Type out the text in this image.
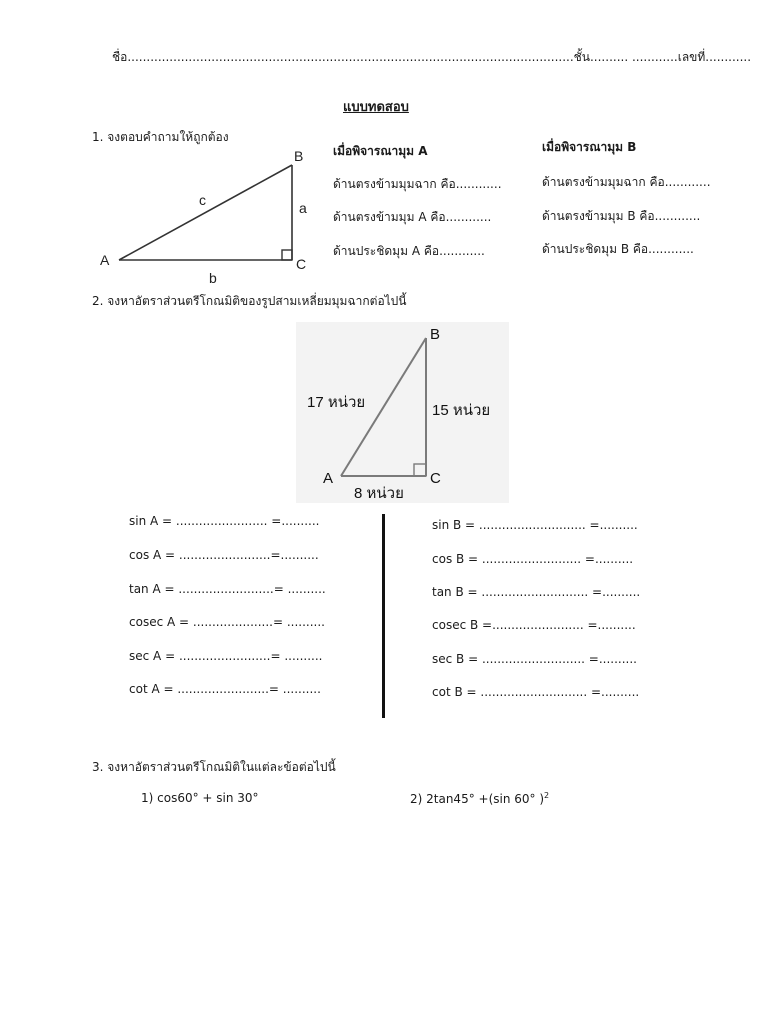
ชื่อ.....................................................................................................................ชั้น.......... ............เลขที่............
แบบทดสอบ
1. จงตอบคำถามให้ถูกต้อง
B
A	C
a
c
b
เมื่อพิจารณามุม A
ด้านตรงข้ามมุมฉาก คือ............
ด้านตรงข้ามมุม A คือ............
ด้านประชิดมุม A คือ............
เมื่อพิจารณามุม B
ด้านตรงข้ามมุมฉาก คือ............
ด้านตรงข้ามมุม B คือ............
ด้านประชิดมุม B คือ............
2. จงหาอัตราส่วนตรีโกณมิติของรูปสามเหลี่ยมมุมฉากต่อไปนี้
B
A	C
17 หน่วย	15 หน่วย
8 หน่วย
sin A = ........................ =..........
cos A = ........................=..........
tan A = .........................= ..........
cosec A = .....................= ..........
sec A = ........................= ..........
cot A = ........................= ..........
sin B = ............................ =..........
cos B = .......................... =..........
tan B = ............................ =..........
cosec B =........................ =..........
sec B = ........................... =..........
cot B = ............................ =..........
3. จงหาอัตราส่วนตรีโกณมิติในแต่ละข้อต่อไปนี้
1) cos60° + sin 30°	2) 2tan45° +(sin 60° )$^2$
